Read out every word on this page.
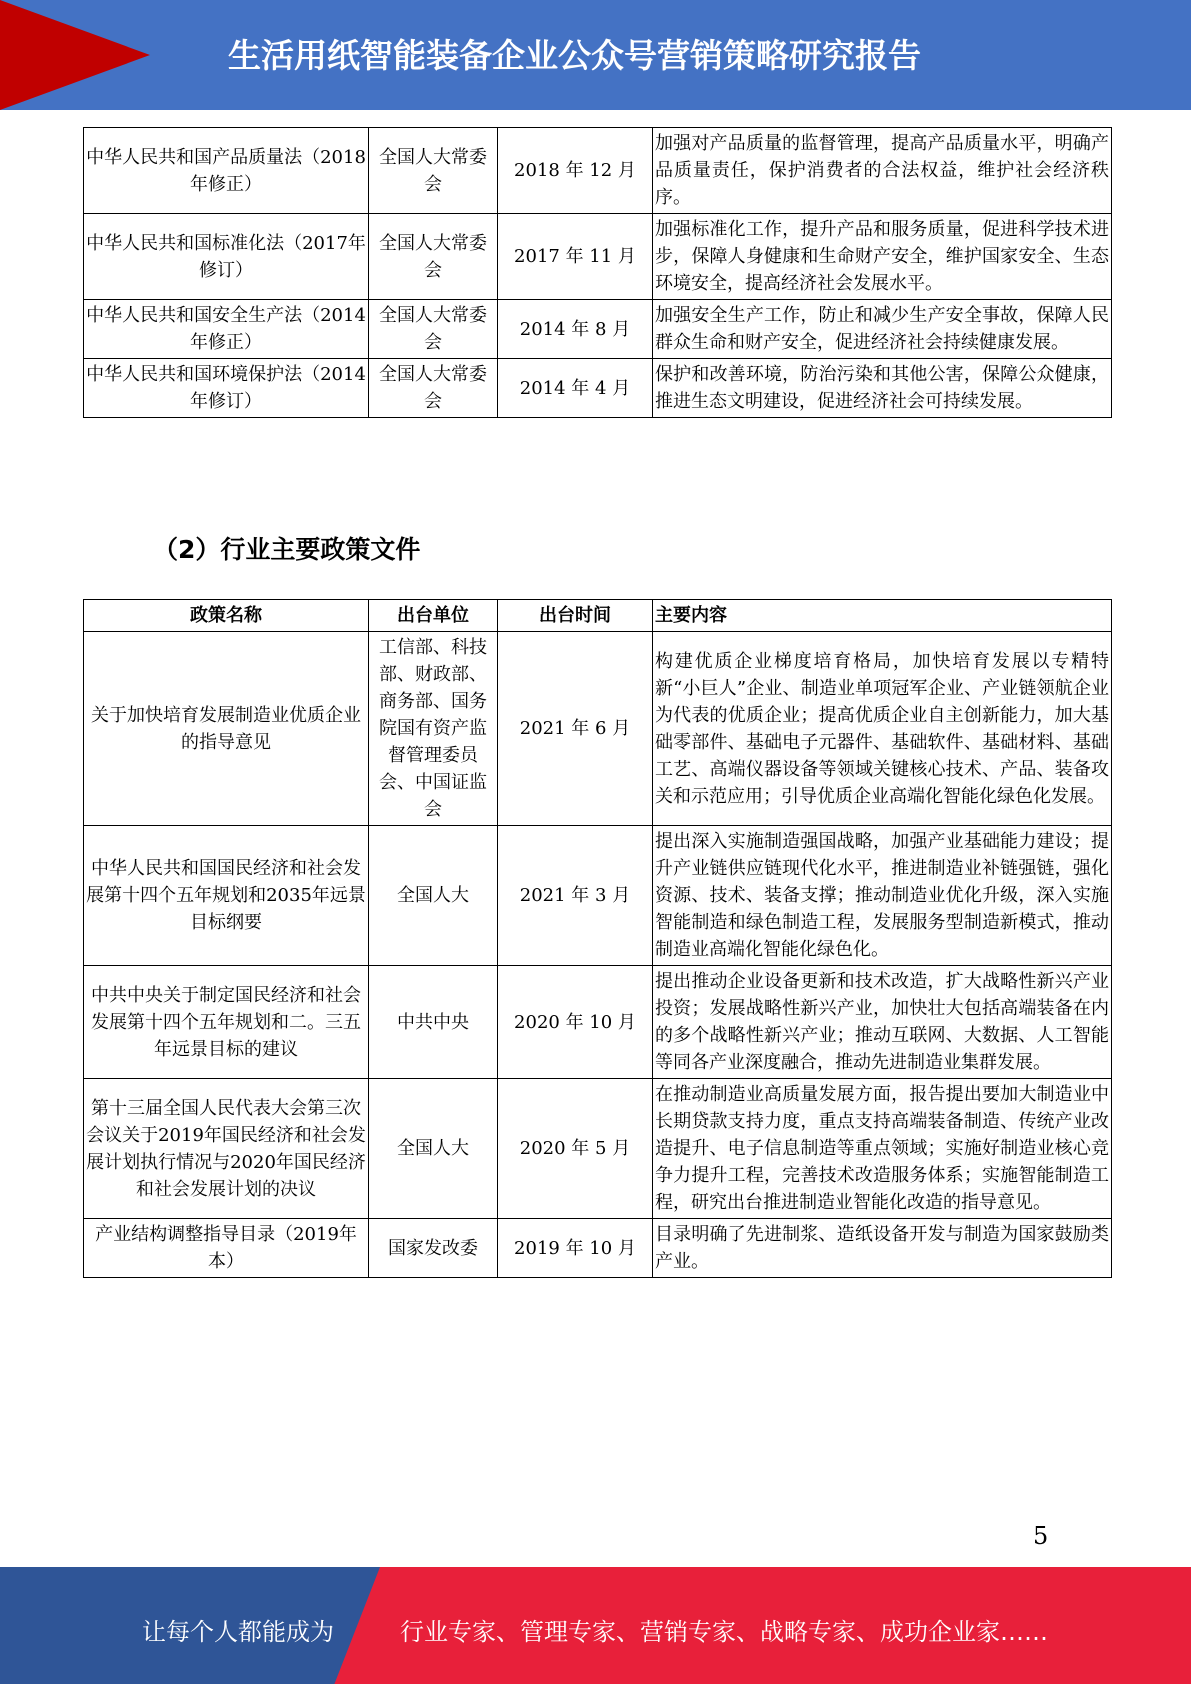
生活用纸智能装备企业公众号营销策略研究报告
中华人民共和国产品质量法（2018年修正）	全国人大常委会	2018 年 12 月	加强对产品质量的监督管理，提高产品质量水平，明确产品质量责任，保护消费者的合法权益，维护社会经济秩序。
中华人民共和国标准化法（2017年修订）	全国人大常委会	2017 年 11 月	加强标准化工作，提升产品和服务质量，促进科学技术进步，保障人身健康和生命财产安全，维护国家安全、生态环境安全，提高经济社会发展水平。
中华人民共和国安全生产法（2014年修正）	全国人大常委会	2014 年 8 月	加强安全生产工作，防止和减少生产安全事故，保障人民群众生命和财产安全，促进经济社会持续健康发展。
中华人民共和国环境保护法（2014年修订）	全国人大常委会	2014 年 4 月	保护和改善环境，防治污染和其他公害，保障公众健康，推进生态文明建设，促进经济社会可持续发展。
（2）行业主要政策文件
政策名称	出台单位	出台时间	主要内容
关于加快培育发展制造业优质企业的指导意见	工信部、科技部、财政部、商务部、国务院国有资产监督管理委员会、中国证监会	2021 年 6 月	构建优质企业梯度培育格局，加快培育发展以专精特新“小巨人”企业、制造业单项冠军企业、产业链领航企业为代表的优质企业；提高优质企业自主创新能力，加大基础零部件、基础电子元器件、基础软件、基础材料、基础工艺、高端仪器设备等领域关键核心技术、产品、装备攻关和示范应用；引导优质企业高端化智能化绿色化发展。
中华人民共和国国民经济和社会发展第十四个五年规划和2035年远景目标纲要	全国人大	2021 年 3 月	提出深入实施制造强国战略，加强产业基础能力建设；提升产业链供应链现代化水平，推进制造业补链强链，强化资源、技术、装备支撑；推动制造业优化升级，深入实施智能制造和绿色制造工程，发展服务型制造新模式，推动制造业高端化智能化绿色化。
中共中央关于制定国民经济和社会发展第十四个五年规划和二。三五年远景目标的建议	中共中央	2020 年 10 月	提出推动企业设备更新和技术改造，扩大战略性新兴产业投资；发展战略性新兴产业，加快壮大包括高端装备在内的多个战略性新兴产业；推动互联网、大数据、人工智能等同各产业深度融合，推动先进制造业集群发展。
第十三届全国人民代表大会第三次会议关于2019年国民经济和社会发展计划执行情况与2020年国民经济和社会发展计划的决议	全国人大	2020 年 5 月	在推动制造业高质量发展方面，报告提出要加大制造业中长期贷款支持力度，重点支持高端装备制造、传统产业改造提升、电子信息制造等重点领域；实施好制造业核心竞争力提升工程，完善技术改造服务体系；实施智能制造工程，研究出台推进制造业智能化改造的指导意见。
产业结构调整指导目录（2019年本）	国家发改委	2019 年 10 月	目录明确了先进制浆、造纸设备开发与制造为国家鼓励类产业。
5
让每个人都能成为	行业专家、管理专家、营销专家、战略专家、成功企业家……
